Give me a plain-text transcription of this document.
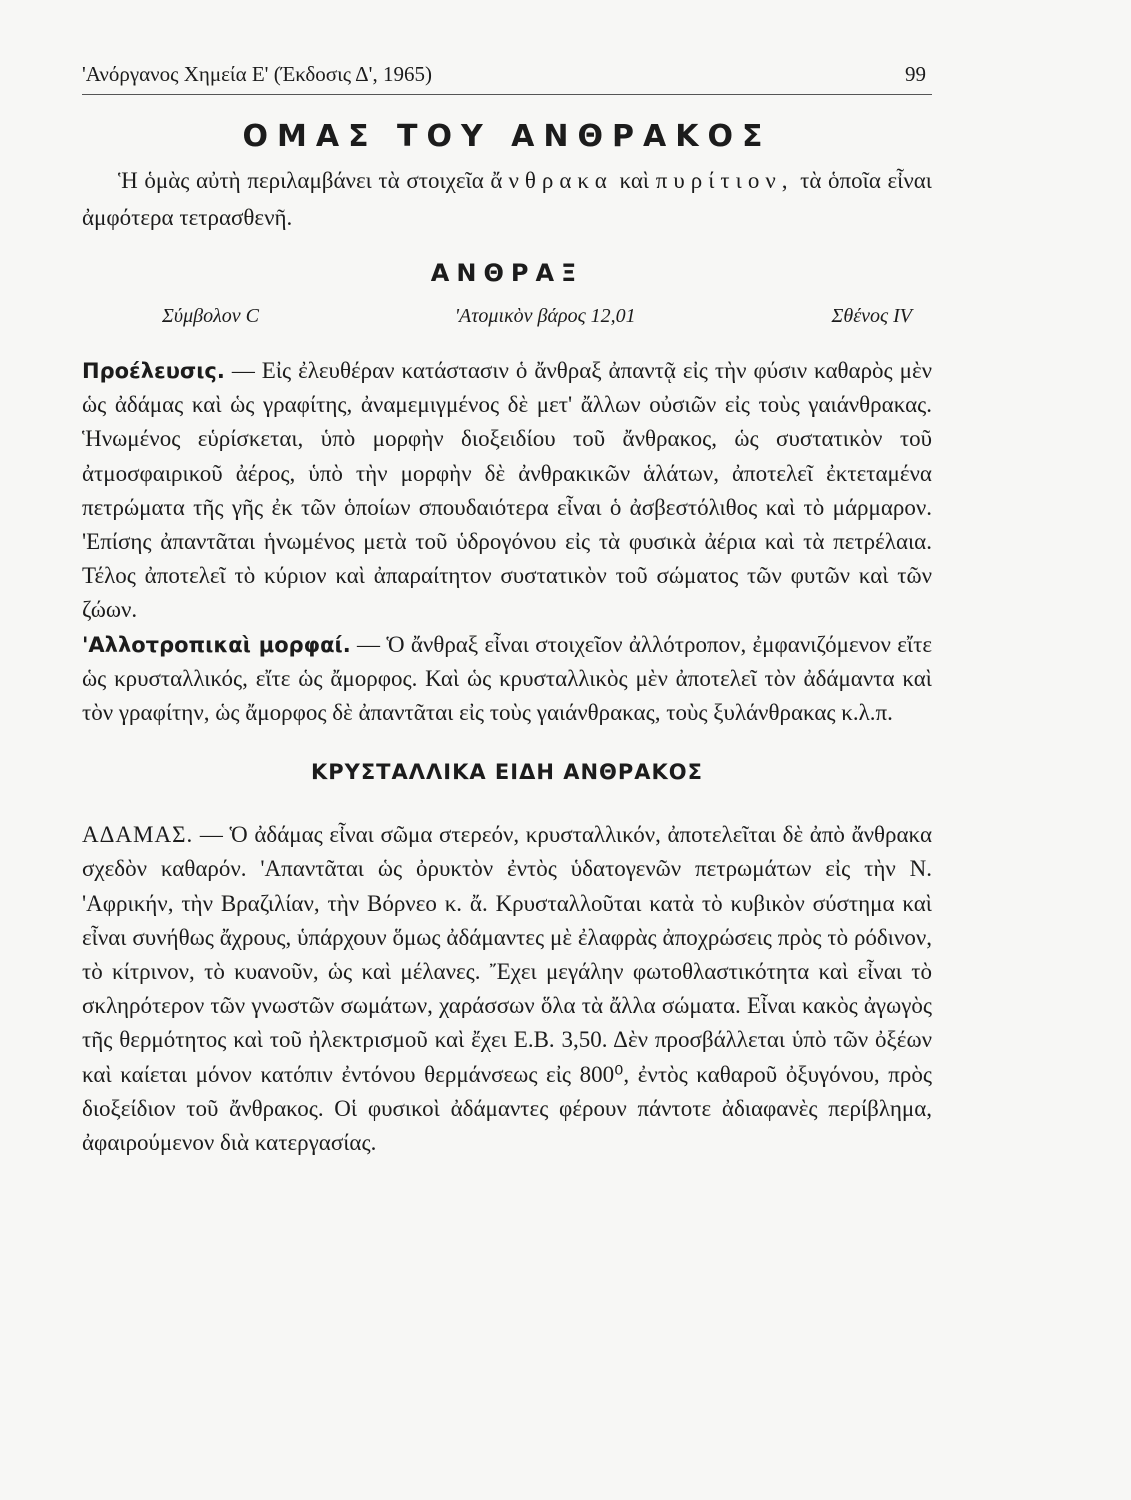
'Ανόργανος Χημεία Ε' (Έκδοσις Δ', 1965)	99
ΟΜΑΣ ΤΟΥ ΑΝΘΡΑΚΟΣ

Ἡ ὁμὰς αὐτὴ περιλαμβάνει τὰ στοιχεῖα ἄνθρακα καὶ πυρίτιον, τὰ ὁποῖα εἶναι ἀμφότερα τετρασθενῆ.

ΑΝΘΡΑΞ
Σύμβολον C	'Ατομικὸν βάρος 12,01	Σθένος IV

Προέλευσις. — Εἰς ἐλευθέραν κατάστασιν ὁ ἄνθραξ ἀπαντᾷ εἰς τὴν φύσιν καθαρὸς μὲν ὡς ἀδάμας καὶ ὡς γραφίτης, ἀναμεμιγμένος δὲ μετ' ἄλλων οὐσιῶν εἰς τοὺς γαιάνθρακας. Ἡνωμένος εὑρίσκεται, ὑπὸ μορφὴν διοξειδίου τοῦ ἄνθρακος, ὡς συστατικὸν τοῦ ἀτμοσφαιρικοῦ ἀέρος, ὑπὸ τὴν μορφὴν δὲ ἀνθρακικῶν ἁλάτων, ἀποτελεῖ ἐκτεταμένα πετρώματα τῆς γῆς ἐκ τῶν ὁποίων σπουδαιότερα εἶναι ὁ ἀσβεστόλιθος καὶ τὸ μάρμαρον. 'Επίσης ἀπαντᾶται ἡνωμένος μετὰ τοῦ ὑδρογόνου εἰς τὰ φυσικὰ ἀέρια καὶ τὰ πετρέλαια. Τέλος ἀποτελεῖ τὸ κύριον καὶ ἀπαραίτητον συστατικὸν τοῦ σώματος τῶν φυτῶν καὶ τῶν ζώων.

'Αλλοτροπικαὶ μορφαί. — Ὁ ἄνθραξ εἶναι στοιχεῖον ἀλλότροπον, ἐμφανιζόμενον εἴτε ὡς κρυσταλλικός, εἴτε ὡς ἄμορφος. Καὶ ὡς κρυσταλλικὸς μὲν ἀποτελεῖ τὸν ἀδάμαντα καὶ τὸν γραφίτην, ὡς ἄμορφος δὲ ἀπαντᾶται εἰς τοὺς γαιάνθρακας, τοὺς ξυλάνθρακας κ.λ.π.

ΚΡΥΣΤΑΛΛΙΚΑ ΕΙΔΗ ΑΝΘΡΑΚΟΣ

ΑΔΑΜΑΣ. — Ὁ ἀδάμας εἶναι σῶμα στερεόν, κρυσταλλικόν, ἀποτελεῖται δὲ ἀπὸ ἄνθρακα σχεδὸν καθαρόν. 'Απαντᾶται ὡς ὀρυκτὸν ἐντὸς ὑδατογενῶν πετρωμάτων εἰς τὴν Ν. 'Αφρικήν, τὴν Βραζιλίαν, τὴν Βόρνεο κ. ἄ. Κρυσταλλοῦται κατὰ τὸ κυβικὸν σύστημα καὶ εἶναι συνήθως ἄχρους, ὑπάρχουν ὅμως ἀδάμαντες μὲ ἐλαφρὰς ἀποχρώσεις πρὸς τὸ ρόδινον, τὸ κίτρινον, τὸ κυανοῦν, ὡς καὶ μέλανες. Ἔχει μεγάλην φωτοθλαστικότητα καὶ εἶναι τὸ σκληρότερον τῶν γνωστῶν σωμάτων, χαράσσων ὅλα τὰ ἄλλα σώματα. Εἶναι κακὸς ἀγωγὸς τῆς θερμότητος καὶ τοῦ ἠλεκτρισμοῦ καὶ ἔχει Ε.Β. 3,50. Δὲν προσβάλλεται ὑπὸ τῶν ὀξέων καὶ καίεται μόνον κατόπιν ἐντόνου θερμάνσεως εἰς 800⁰, ἐντὸς καθαροῦ ὀξυγόνου, πρὸς διοξείδιον τοῦ ἄνθρακος. Οἱ φυσικοὶ ἀδάμαντες φέρουν πάντοτε ἀδιαφανὲς περίβλημα, ἀφαιρούμενον διὰ κατεργασίας.
